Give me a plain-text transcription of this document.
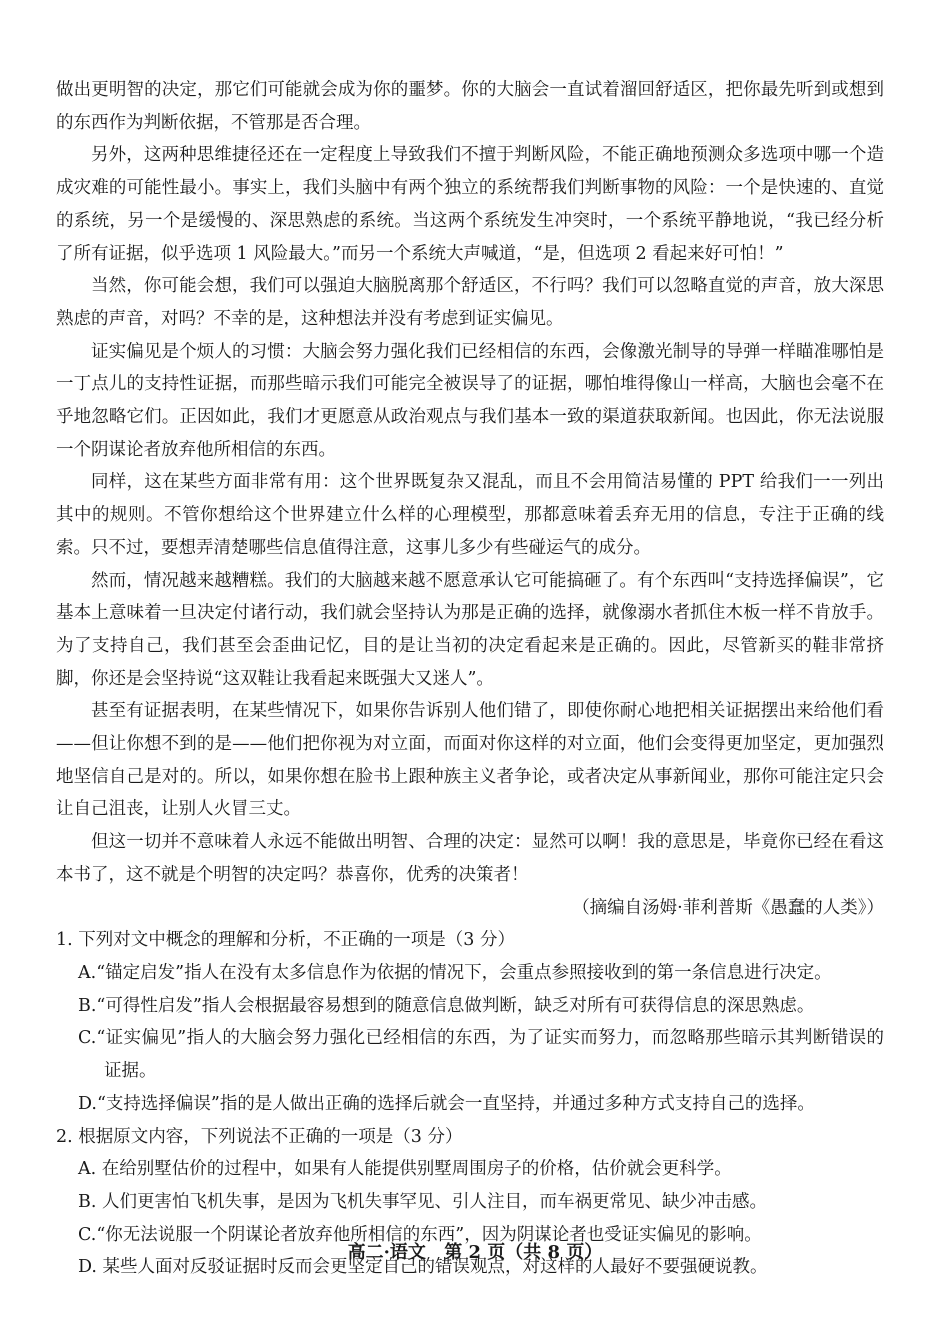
做出更明智的决定，那它们可能就会成为你的噩梦。你的大脑会一直试着溜回舒适区，把你最先听到或想到的东西作为判断依据，不管那是否合理。

另外，这两种思维捷径还在一定程度上导致我们不擅于判断风险，不能正确地预测众多选项中哪一个造成灾难的可能性最小。事实上，我们头脑中有两个独立的系统帮我们判断事物的风险：一个是快速的、直觉的系统，另一个是缓慢的、深思熟虑的系统。当这两个系统发生冲突时，一个系统平静地说，“我已经分析了所有证据，似乎选项 1 风险最大。”而另一个系统大声喊道，“是，但选项 2 看起来好可怕！”

当然，你可能会想，我们可以强迫大脑脱离那个舒适区，不行吗？我们可以忽略直觉的声音，放大深思熟虑的声音，对吗？不幸的是，这种想法并没有考虑到证实偏见。

证实偏见是个烦人的习惯：大脑会努力强化我们已经相信的东西，会像激光制导的导弹一样瞄准哪怕是一丁点儿的支持性证据，而那些暗示我们可能完全被误导了的证据，哪怕堆得像山一样高，大脑也会毫不在乎地忽略它们。正因如此，我们才更愿意从政治观点与我们基本一致的渠道获取新闻。也因此，你无法说服一个阴谋论者放弃他所相信的东西。

同样，这在某些方面非常有用：这个世界既复杂又混乱，而且不会用简洁易懂的 PPT 给我们一一列出其中的规则。不管你想给这个世界建立什么样的心理模型，那都意味着丢弃无用的信息，专注于正确的线索。只不过，要想弄清楚哪些信息值得注意，这事儿多少有些碰运气的成分。

然而，情况越来越糟糕。我们的大脑越来越不愿意承认它可能搞砸了。有个东西叫“支持选择偏误”，它基本上意味着一旦决定付诸行动，我们就会坚持认为那是正确的选择，就像溺水者抓住木板一样不肯放手。为了支持自己，我们甚至会歪曲记忆，目的是让当初的决定看起来是正确的。因此，尽管新买的鞋非常挤脚，你还是会坚持说“这双鞋让我看起来既强大又迷人”。

甚至有证据表明，在某些情况下，如果你告诉别人他们错了，即使你耐心地把相关证据摆出来给他们看——但让你想不到的是——他们把你视为对立面，而面对你这样的对立面，他们会变得更加坚定，更加强烈地坚信自己是对的。所以，如果你想在脸书上跟种族主义者争论，或者决定从事新闻业，那你可能注定只会让自己沮丧，让别人火冒三丈。

但这一切并不意味着人永远不能做出明智、合理的决定：显然可以啊！我的意思是，毕竟你已经在看这本书了，这不就是个明智的决定吗？恭喜你，优秀的决策者！

（摘编自汤姆·菲利普斯《愚蠢的人类》）

1. 下列对文中概念的理解和分析，不正确的一项是（3 分）

A.“锚定启发”指人在没有太多信息作为依据的情况下，会重点参照接收到的第一条信息进行决定。
B.“可得性启发”指人会根据最容易想到的随意信息做判断，缺乏对所有可获得信息的深思熟虑。
C.“证实偏见”指人的大脑会努力强化已经相信的东西，为了证实而努力，而忽略那些暗示其判断错误的证据。
D.“支持选择偏误”指的是人做出正确的选择后就会一直坚持，并通过多种方式支持自己的选择。

2. 根据原文内容，下列说法不正确的一项是（3 分）

A. 在给别墅估价的过程中，如果有人能提供别墅周围房子的价格，估价就会更科学。
B. 人们更害怕飞机失事，是因为飞机失事罕见、引人注目，而车祸更常见、缺少冲击感。
C.“你无法说服一个阴谋论者放弃他所相信的东西”，因为阴谋论者也受证实偏见的影响。
D. 某些人面对反驳证据时反而会更坚定自己的错误观点，对这样的人最好不要强硬说教。
高二·语文 第 2 页（共 8 页）
